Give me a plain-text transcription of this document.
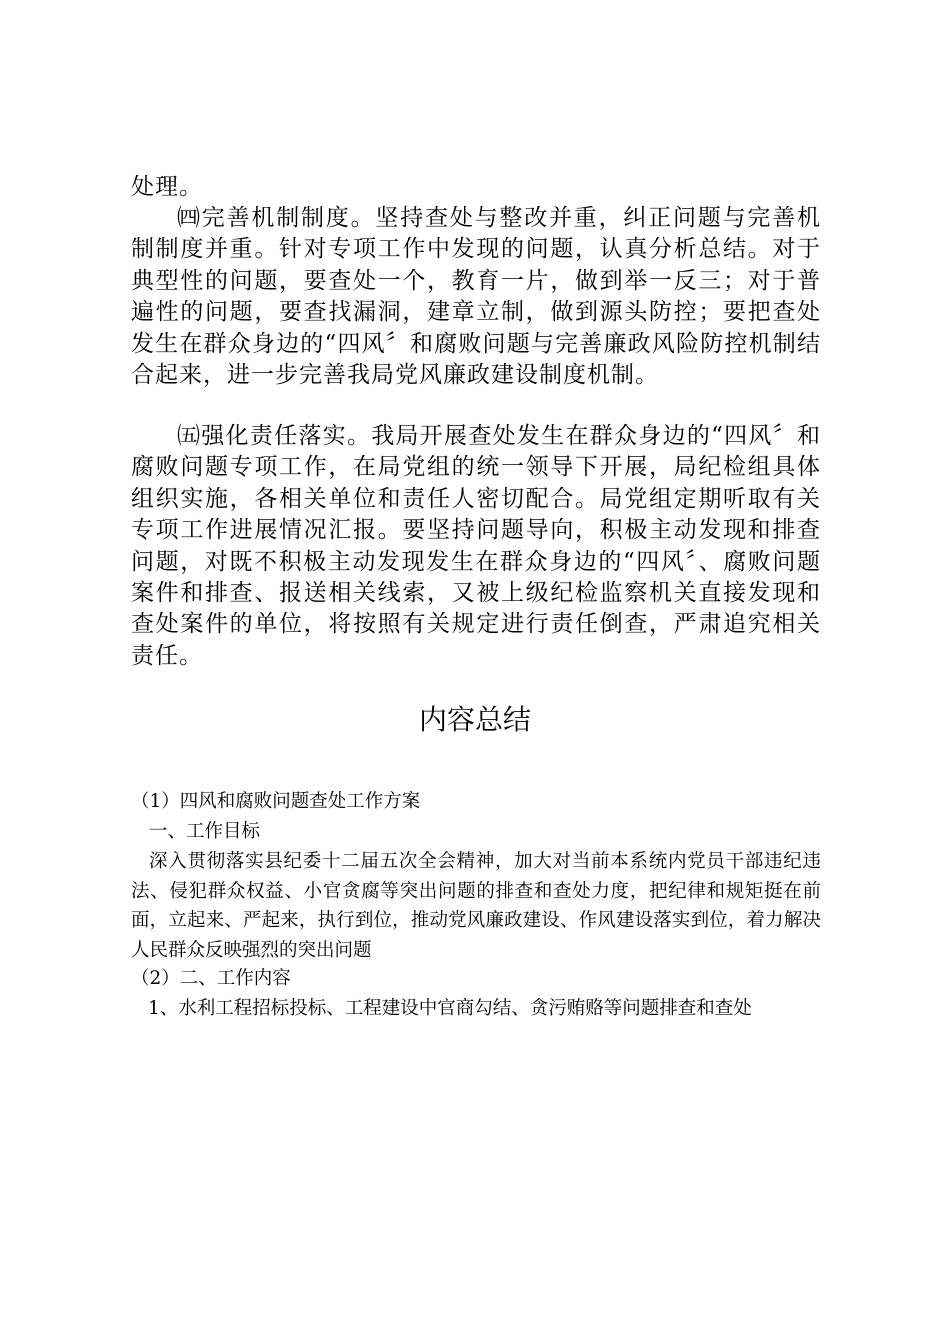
处理。

㈣完善机制制度。坚持查处与整改并重，纠正问题与完善机制制度并重。针对专项工作中发现的问题，认真分析总结。对于典型性的问题，要查处一个，教育一片，做到举一反三；对于普遍性的问题，要查找漏洞，建章立制，做到源头防控；要把查处发生在群众身边的“四风〞和腐败问题与完善廉政风险防控机制结合起来，进一步完善我局党风廉政建设制度机制。

㈤强化责任落实。我局开展查处发生在群众身边的“四风〞和腐败问题专项工作，在局党组的统一领导下开展，局纪检组具体组织实施，各相关单位和责任人密切配合。局党组定期听取有关专项工作进展情况汇报。要坚持问题导向，积极主动发现和排查问题，对既不积极主动发现发生在群众身边的“四风〞、腐败问题案件和排查、报送相关线索，又被上级纪检监察机关直接发现和查处案件的单位，将按照有关规定进行责任倒查，严肃追究相关责任。

内容总结

（1）四风和腐败问题查处工作方案

一、工作目标

深入贯彻落实县纪委十二届五次全会精神，加大对当前本系统内党员干部违纪违法、侵犯群众权益、小官贪腐等突出问题的排查和查处力度，把纪律和规矩挺在前面，立起来、严起来，执行到位，推动党风廉政建设、作风建设落实到位，着力解决人民群众反映强烈的突出问题

（2）二、工作内容

1、水利工程招标投标、工程建设中官商勾结、贪污贿赂等问题排查和查处
